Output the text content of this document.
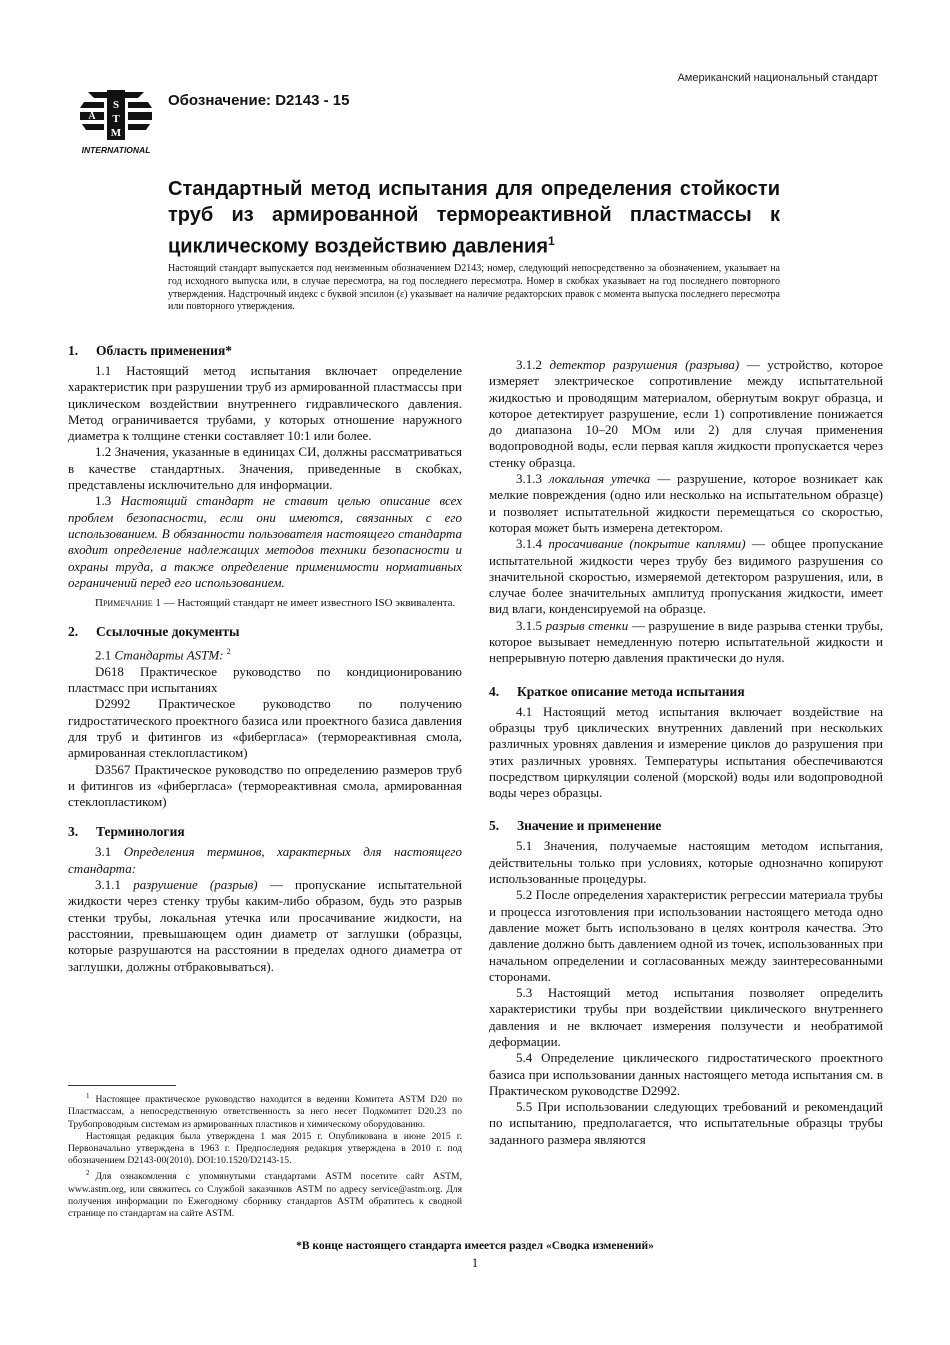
Американский национальный стандарт
S
T
M
A
INTERNATIONAL
Обозначение: D2143 - 15
Стандартный метод испытания для определения стойкости труб из армированной термореактивной пластмассы к циклическому воздействию давления$^1$
Настоящий стандарт выпускается под неизменным обозначением D2143; номер, следующий непосредственно за обозначением, указывает на год исходного выпуска или, в случае пересмотра, на год последнего пересмотра. Номер в скобках указывает на год последнего повторного утверждения. Надстрочный индекс с буквой эпсилон (ε) указывает на наличие редакторских правок с момента выпуска последнего пересмотра или повторного утверждения.
1. Область применения*

1.1 Настоящий метод испытания включает определение характеристик при разрушении труб из армированной пластмассы при циклическом воздействии внутреннего гидравлического давления. Метод ограничивается трубами, у которых отношение наружного диаметра к толщине стенки составляет 10:1 или более.

1.2 Значения, указанные в единицах СИ, должны рассматриваться в качестве стандартных. Значения, приведенные в скобках, представлены исключительно для информации.

1.3 Настоящий стандарт не ставит целью описание всех проблем безопасности, если они имеются, связанных с его использованием. В обязанности пользователя настоящего стандарта входит определение надлежащих методов техники безопасности и охраны труда, а также определение применимости нормативных ограничений перед его использованием.

Примечание 1 — Настоящий стандарт не имеет известного ISO эквивалента.

2. Ссылочные документы

2.1 Стандарты ASTM: $^2$

D618 Практическое руководство по кондиционированию пластмасс при испытаниях

D2992 Практическое руководство по получению гидростатического проектного базиса или проектного базиса давления для труб и фитингов из «фибергласа» (термореактивная смола, армированная стеклопластиком)

D3567 Практическое руководство по определению размеров труб и фитингов из «фибергласа» (термореактивная смола, армированная стеклопластиком)

3. Терминология

3.1 Определения терминов, характерных для настоящего стандарта:

3.1.1 разрушение (разрыв) — пропускание испытательной жидкости через стенку трубы каким-либо образом, будь это разрыв стенки трубы, локальная утечка или просачивание жидкости, на расстоянии, превышающем один диаметр от заглушки (образцы, которые разрушаются на расстоянии в пределах одного диаметра от заглушки, должны отбраковываться).

$^1$ Настоящее практическое руководство находится в ведении Комитета ASTM D20 по Пластмассам, а непосредственную ответственность за него несет Подкомитет D20.23 по Трубопроводным системам из армированных пластиков и химическому оборудованию.

Настоящая редакция была утверждена 1 мая 2015 г. Опубликована в июне 2015 г. Первоначально утверждена в 1963 г. Предпоследняя редакция утверждена в 2010 г. под обозначением D2143-00(2010). DOI:10.1520/D2143-15.

$^2$ Для ознакомления с упомянутыми стандартами ASTM посетите сайт ASTM, www.astm.org, или свяжитесь со Службой заказчиков ASTM по адресу service@astm.org. Для получения информации по Ежегодному сборнику стандартов ASTM обратитесь к сводной странице по стандартам на сайте ASTM.

3.1.2 детектор разрушения (разрыва) — устройство, которое измеряет электрическое сопротивление между испытательной жидкостью и проводящим материалом, обернутым вокруг образца, и которое детектирует разрушение, если 1) сопротивление понижается до диапазона 10–20 МОм или 2) для случая применения водопроводной воды, если первая капля жидкости пропускается через стенку образца.

3.1.3 локальная утечка — разрушение, которое возникает как мелкие повреждения (одно или несколько на испытательном образце) и позволяет испытательной жидкости перемещаться со скоростью, которая может быть измерена детектором.

3.1.4 просачивание (покрытие каплями) — общее пропускание испытательной жидкости через трубу без видимого разрушения со значительной скоростью, измеряемой детектором разрушения, или, в случае более значительных амплитуд пропускания жидкости, имеет вид влаги, конденсируемой на образце.

3.1.5 разрыв стенки — разрушение в виде разрыва стенки трубы, которое вызывает немедленную потерю испытательной жидкости и непрерывную потерю давления практически до нуля.

4. Краткое описание метода испытания

4.1 Настоящий метод испытания включает воздействие на образцы труб циклических внутренних давлений при нескольких различных уровнях давления и измерение циклов до разрушения при этих различных уровнях. Температуры испытания обеспечиваются посредством циркуляции соленой (морской) воды или водопроводной воды через образцы.

5. Значение и применение

5.1 Значения, получаемые настоящим методом испытания, действительны только при условиях, которые однозначно копируют использованные процедуры.

5.2 После определения характеристик регрессии материала трубы и процесса изготовления при использовании настоящего метода одно давление может быть использовано в целях контроля качества. Это давление должно быть давлением одной из точек, использованных при начальном определении и согласованных между заинтересованными сторонами.

5.3 Настоящий метод испытания позволяет определить характеристики трубы при воздействии циклического внутреннего давления и не включает измерения ползучести и необратимой деформации.

5.4 Определение циклического гидростатического проектного базиса при использовании данных настоящего метода испытания см. в Практическом руководстве D2992.

5.5 При использовании следующих требований и рекомендаций по испытанию, предполагается, что испытательные образцы трубы заданного размера являются

*В конце настоящего стандарта имеется раздел «Сводка изменений»
1
